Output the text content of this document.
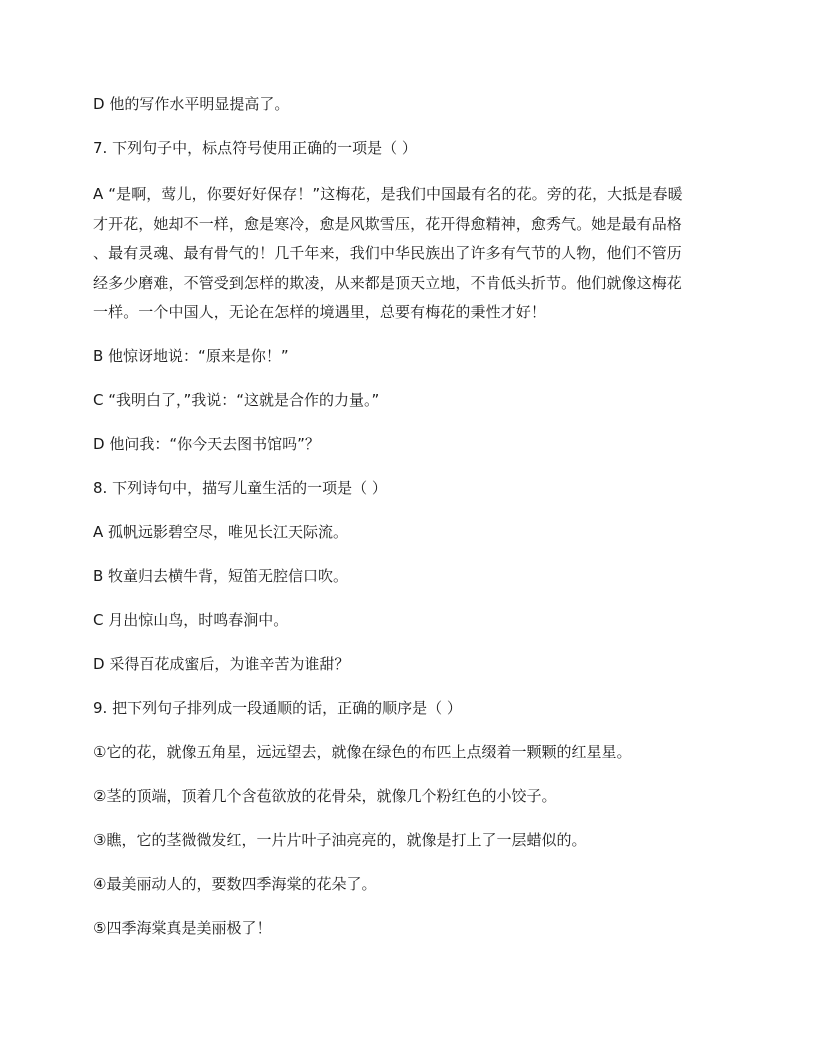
D 他的写作水平明显提高了。

7. 下列句子中，标点符号使用正确的一项是（ ）

A “是啊，莺儿，你要好好保存！”这梅花，是我们中国最有名的花。旁的花，大抵是春暖
才开花，她却不一样，愈是寒冷，愈是风欺雪压，花开得愈精神，愈秀气。她是最有品格
、最有灵魂、最有骨气的！几千年来，我们中华民族出了许多有气节的人物，他们不管历
经多少磨难，不管受到怎样的欺凌，从来都是顶天立地，不肯低头折节。他们就像这梅花
一样。一个中国人，无论在怎样的境遇里，总要有梅花的秉性才好！

B 他惊讶地说：“原来是你！”

C “我明白了，”我说：“这就是合作的力量。”

D 他问我：“你今天去图书馆吗”？

8. 下列诗句中，描写儿童生活的一项是（ ）

A 孤帆远影碧空尽，唯见长江天际流。

B 牧童归去横牛背，短笛无腔信口吹。

C 月出惊山鸟，时鸣春涧中。

D 采得百花成蜜后，为谁辛苦为谁甜？

9. 把下列句子排列成一段通顺的话，正确的顺序是（ ）

①它的花，就像五角星，远远望去，就像在绿色的布匹上点缀着一颗颗的红星星。

②茎的顶端，顶着几个含苞欲放的花骨朵，就像几个粉红色的小饺子。

③瞧，它的茎微微发红，一片片叶子油亮亮的，就像是打上了一层蜡似的。

④最美丽动人的，要数四季海棠的花朵了。

⑤四季海棠真是美丽极了！
